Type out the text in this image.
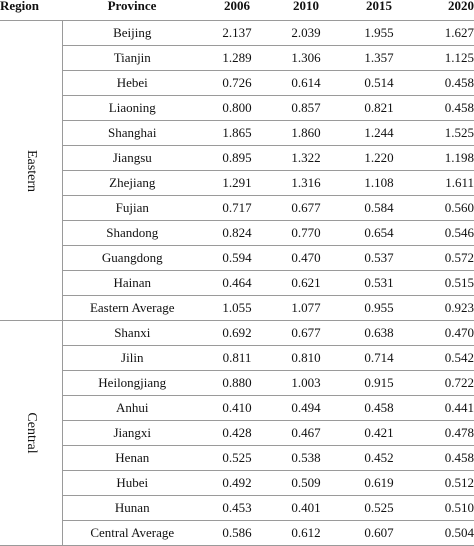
Region	Province	2006	2010	2015	2020

Eastern	Beijing	2.137	2.039	1.955	1.627
	Tianjin	1.289	1.306	1.357	1.125
	Hebei	0.726	0.614	0.514	0.458
	Liaoning	0.800	0.857	0.821	0.458
	Shanghai	1.865	1.860	1.244	1.525
	Jiangsu	0.895	1.322	1.220	1.198
	Zhejiang	1.291	1.316	1.108	1.611
	Fujian	0.717	0.677	0.584	0.560
	Shandong	0.824	0.770	0.654	0.546
	Guangdong	0.594	0.470	0.537	0.572
	Hainan	0.464	0.621	0.531	0.515
	Eastern Average	1.055	1.077	0.955	0.923

Central	Shanxi	0.692	0.677	0.638	0.470
	Jilin	0.811	0.810	0.714	0.542
	Heilongjiang	0.880	1.003	0.915	0.722
	Anhui	0.410	0.494	0.458	0.441
	Jiangxi	0.428	0.467	0.421	0.478
	Henan	0.525	0.538	0.452	0.458
	Hubei	0.492	0.509	0.619	0.512
	Hunan	0.453	0.401	0.525	0.510
	Central Average	0.586	0.612	0.607	0.504
